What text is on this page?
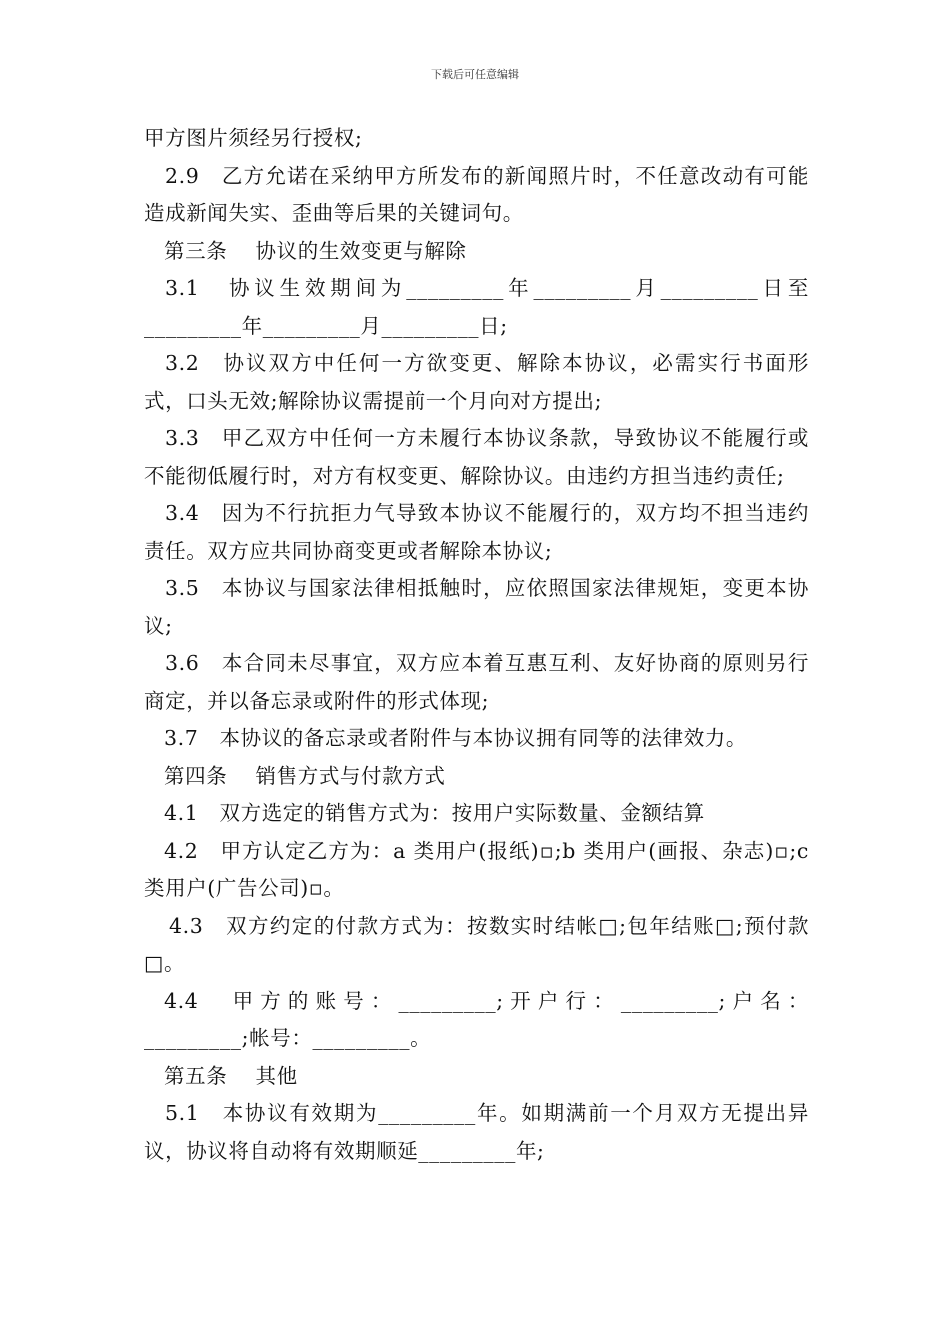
下载后可任意编辑

甲方图片须经另行授权;

2.9　乙方允诺在采纳甲方所发布的新闻照片时，不任意改动有可能造成新闻失实、歪曲等后果的关键词句。

第三条　 协议的生效变更与解除

3.1　协议生效期间为_________年_________月_________日至_________年_________月_________日;

3.2　协议双方中任何一方欲变更、解除本协议，必需实行书面形式，口头无效;解除协议需提前一个月向对方提出;

3.3　甲乙双方中任何一方未履行本协议条款，导致协议不能履行或不能彻低履行时，对方有权变更、解除协议。由违约方担当违约责任;

3.4　因为不行抗拒力气导致本协议不能履行的，双方均不担当违约责任。双方应共同协商变更或者解除本协议;

3.5　本协议与国家法律相抵触时，应依照国家法律规矩，变更本协议;

3.6　本合同未尽事宜，双方应本着互惠互利、友好协商的原则另行商定，并以备忘录或附件的形式体现;

3.7　本协议的备忘录或者附件与本协议拥有同等的法律效力。

第四条　 销售方式与付款方式

4.1　双方选定的销售方式为：按用户实际数量、金额结算

4.2　甲方认定乙方为：a 类用户(报纸)▫;b 类用户(画报、杂志)▫;c 类用户(广告公司)▫。

4.3　双方约定的付款方式为：按数实时结帐□;包年结账□;预付款□。

4.4　甲方的账号：_________;开户行：_________;户名：_________;帐号：_________。

第五条　 其他

5.1　本协议有效期为_________年。如期满前一个月双方无提出异议，协议将自动将有效期顺延_________年;
